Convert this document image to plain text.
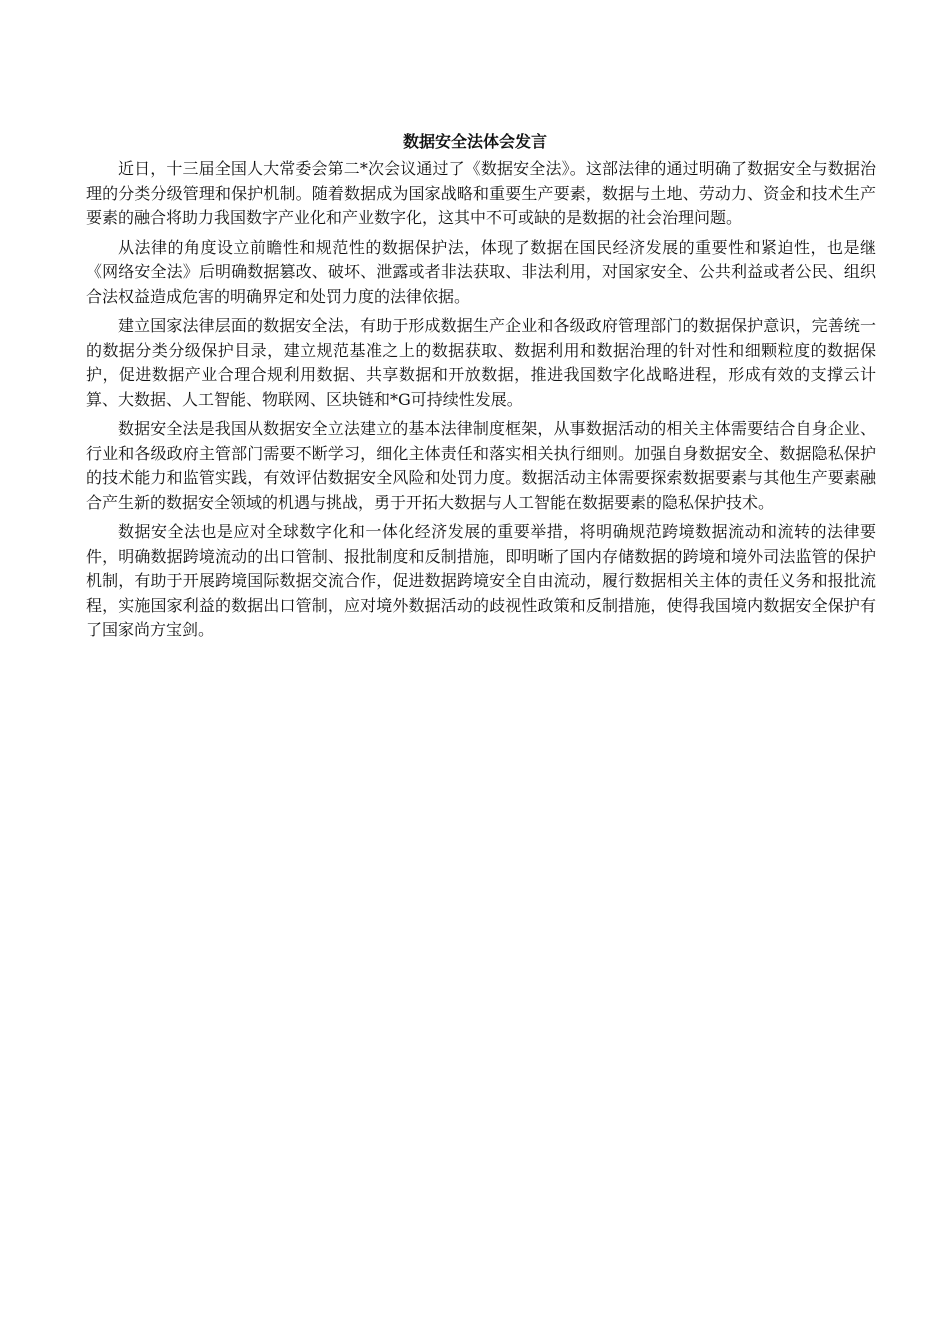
数据安全法体会发言

近日，十三届全国人大常委会第二*次会议通过了《数据安全法》。这部法律的通过明确了数据安全与数据治理的分类分级管理和保护机制。随着数据成为国家战略和重要生产要素，数据与土地、劳动力、资金和技术生产要素的融合将助力我国数字产业化和产业数字化，这其中不可或缺的是数据的社会治理问题。

从法律的角度设立前瞻性和规范性的数据保护法，体现了数据在国民经济发展的重要性和紧迫性，也是继《网络安全法》后明确数据篡改、破坏、泄露或者非法获取、非法利用，对国家安全、公共利益或者公民、组织合法权益造成危害的明确界定和处罚力度的法律依据。

建立国家法律层面的数据安全法，有助于形成数据生产企业和各级政府管理部门的数据保护意识，完善统一的数据分类分级保护目录，建立规范基准之上的数据获取、数据利用和数据治理的针对性和细颗粒度的数据保护，促进数据产业合理合规利用数据、共享数据和开放数据，推进我国数字化战略进程，形成有效的支撑云计算、大数据、人工智能、物联网、区块链和*G可持续性发展。

数据安全法是我国从数据安全立法建立的基本法律制度框架，从事数据活动的相关主体需要结合自身企业、行业和各级政府主管部门需要不断学习，细化主体责任和落实相关执行细则。加强自身数据安全、数据隐私保护的技术能力和监管实践，有效评估数据安全风险和处罚力度。数据活动主体需要探索数据要素与其他生产要素融合产生新的数据安全领域的机遇与挑战，勇于开拓大数据与人工智能在数据要素的隐私保护技术。

数据安全法也是应对全球数字化和一体化经济发展的重要举措，将明确规范跨境数据流动和流转的法律要件，明确数据跨境流动的出口管制、报批制度和反制措施，即明晰了国内存储数据的跨境和境外司法监管的保护机制，有助于开展跨境国际数据交流合作，促进数据跨境安全自由流动，履行数据相关主体的责任义务和报批流程，实施国家利益的数据出口管制，应对境外数据活动的歧视性政策和反制措施，使得我国境内数据安全保护有了国家尚方宝剑。
